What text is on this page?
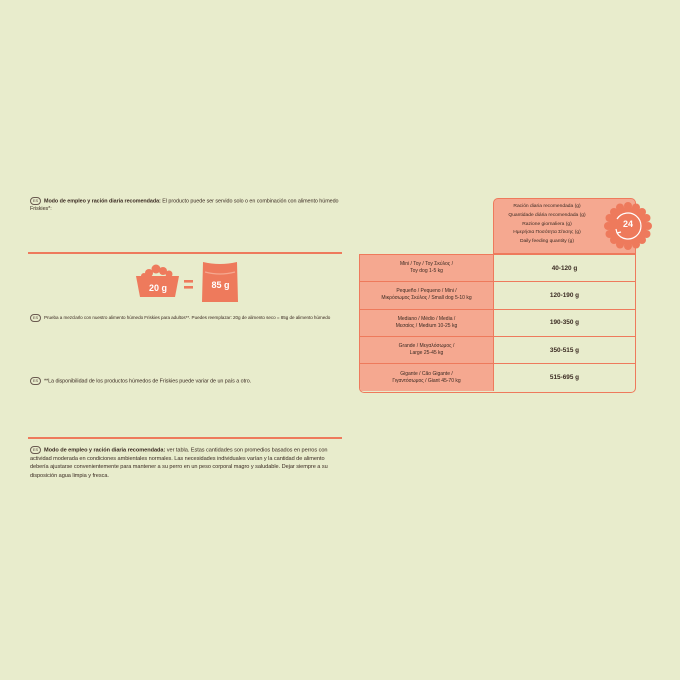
ES Modo de empleo y ración diaria recomendada: El producto puede ser servido solo o en combinación con alimento húmedo Friskies*:
20 g	85 g
ES Prueba a mezclarlo con nuestro alimento húmedo Friskies para adultos**. Puedes reemplazar: 20g de alimento seco = 85g de alimento húmedo
ES **La disponibilidad de los productos húmedos de Friskies puede variar de un país a otro.
ES Modo de empleo y ración diaria recomendada: ver tabla. Estas cantidades son promedios basados en perros con
actividad moderada en condiciones ambientales normales. Las necesidades individuales varían y la cantidad de alimento
debería ajustarse convenientemente para mantener a su perro en un peso corporal magro y saludable. Dejar siempre a su
disposición agua limpia y fresca.
Ración diaria recomendada (g)
Quantidade diária recomendada (g)
Razione giornaliera (g)
Ημερήσια Ποσότητα Σίτισης (g)
Daily feeding quantity (g)
24
Mini / Toy / Toy Σκύλος /
Toy dog 1-5 kg	40-120 g
Pequeño / Pequeno / Mini /
Μικρόσωμος Σκύλος / Small dog 5-10 kg	120-190 g
Mediano / Médio / Media /
Μεσαίος / Medium 10-25 kg	190-350 g
Grande / Μεγαλόσωμος /
Large 25-45 kg	350-515 g
Gigante / Cão Gigante /
Γιγαντόσωμος / Giant 45-70 kg	515-695 g
